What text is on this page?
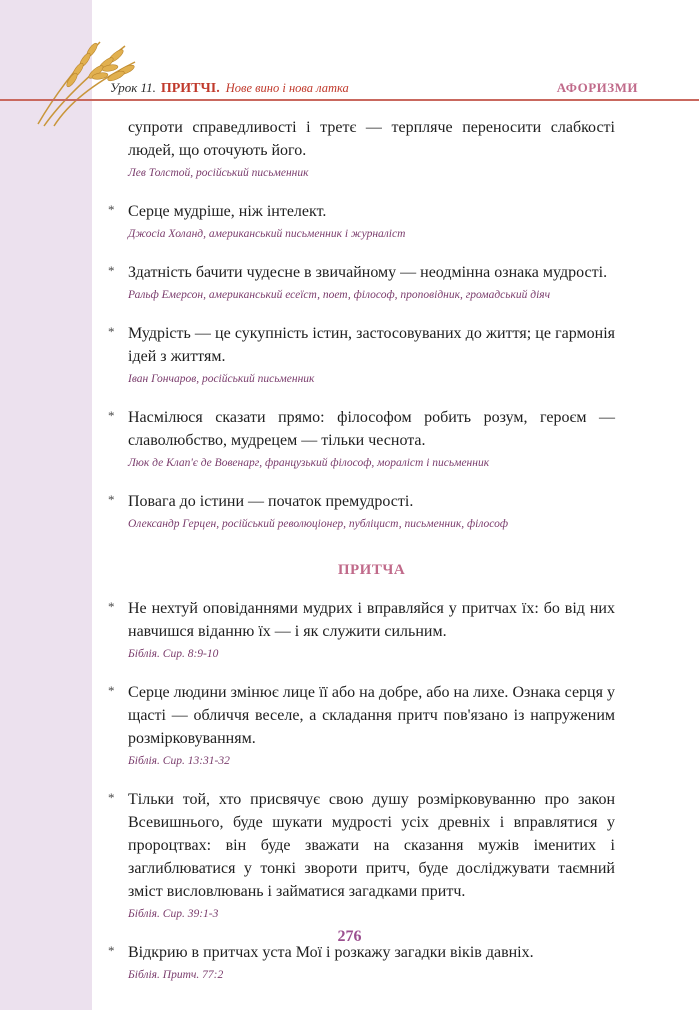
Урок 11. ПРИТЧІ. Нове вино і нова латка	АФОРИЗМИ

супроти справедливості і третє — терпляче переносити слабкості людей, що оточують його.

Лев Толстой, російський письменник

* Серце мудріше, ніж інтелект.

Джосіа Холанд, американський письменник і журналіст

* Здатність бачити чудесне в звичайному — неодмінна ознака мудрості.

Ральф Емерсон, американський есеїст, поет, філософ, проповідник, громадський діяч

* Мудрість — це сукупність істин, застосовуваних до життя; це гармонія ідей з життям.

Іван Гончаров, російський письменник

* Насмілюся сказати прямо: філософом робить розум, героєм — славолюбство, мудрецем — тільки чеснота.

Люк де Клап'є де Вовенарг, французький філософ, мораліст і письменник

* Повага до істини — початок премудрості.

Олександр Герцен, російський революціонер, публіцист, письменник, філософ

ПРИТЧА

* Не нехтуй оповіданнями мудрих і вправляйся у притчах їх: бо від них навчишся віданню їх — і як служити сильним.

Біблія. Сир. 8:9-10

* Серце людини змінює лице її або на добре, або на лихе. Ознака серця у щасті — обличчя веселе, а складання притч пов'язано із напруженим розмірковуванням.

Біблія. Сир. 13:31-32

* Тільки той, хто присвячує свою душу розмірковуванню про закон Всевишнього, буде шукати мудрості усіх древніх і вправлятися у пророцтвах: він буде зважати на сказання мужів іменитих і заглиблюватися у тонкі звороти притч, буде досліджувати таємний зміст висловлювань і займатися загадками притч.

Біблія. Сир. 39:1-3

* Відкрию в притчах уста Мої і розкажу загадки віків давніх.

Біблія. Притч. 77:2

276
